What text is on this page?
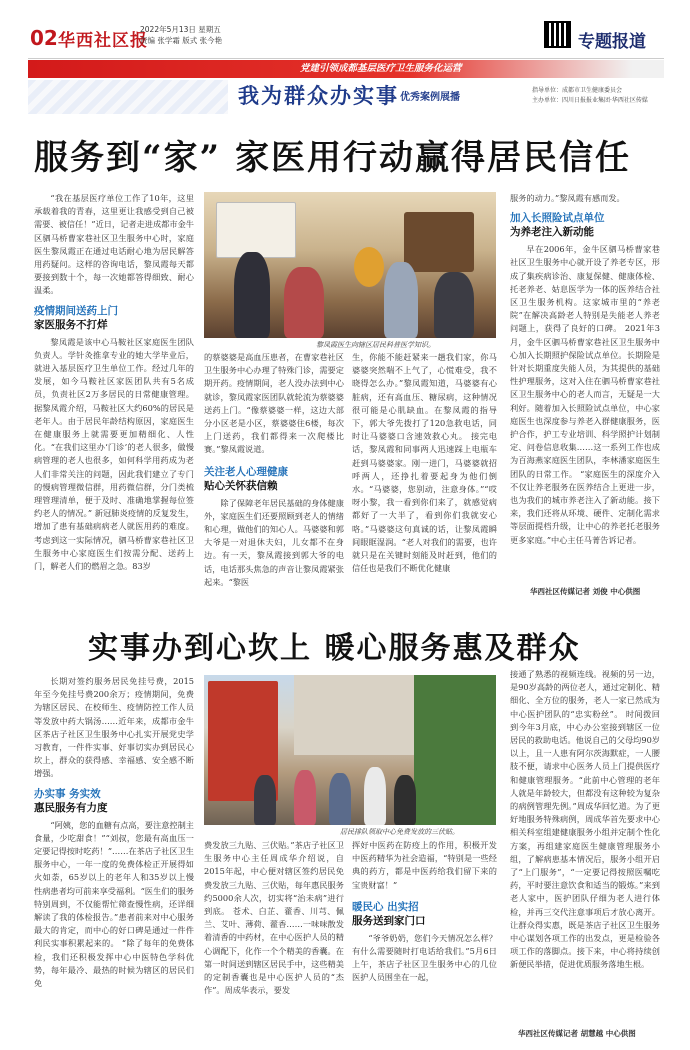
02 华西社区报
2022年5月13日 星期五
责编 张学霜 版式 张今艳	专题报道
党建引领成都基层医疗卫生服务化运营
我为群众办实事 优秀案例展播
指导单位：成都市卫生健康委员会
主办单位：四川日报报业集团·华西社区传媒
服务到“家” 家医用行动赢得居民信任

“我在基层医疗单位工作了10年，这里承载着我的青春，这里更让我感受到自己被需要、被信任！”近日，记者走进成都市金牛区驷马桥曹家巷社区卫生服务中心时，家庭医生黎凤霞正在通过电话耐心地为居民解答用药疑问。这样的咨询电话，黎凤霞每天都要接到数十个，每一次她都答得细致、耐心温柔。

疫情期间送药上门
家医服务不打烊

黎凤霞是该中心马鞍社区家庭医生团队负责人。学针灸推拿专业的她大学毕业后，就进入基层医疗卫生单位工作。经过几年的发展，如今马鞍社区家医团队共有5名成员，负责社区2万多居民的日常健康管理。据黎凤霞介绍，马鞍社区大约60%的居民是老年人。由于居民年龄结构原因，家庭医生在健康服务上就需要更加精细化、人性化。“在我们这里办‘门诊’的老人很多，做慢病管理的老人也很多，如何科学用药成为老人们非常关注的问题，因此我们建立了专门的慢病管理微信群，用药微信群，分门类梳理管理清单，便于及时、准确地掌握每位签约老人的情况。” 新冠肺炎疫情的反复发生，增加了患有基础病病老人就医用药的难度。考虑到这一实际情况，驷马桥曹家巷社区卫生服务中心家庭医生们按需分配、送药上门，解老人们的燃眉之急。83岁

黎凤霞医生向辖区居民科普医学知识。

的蔡婆婆是高血压患者，在曹家巷社区卫生服务中心办理了特殊门诊，需要定期开药。疫情期间，老人没办法到中心就诊，黎凤霞家医团队就轮流为蔡婆婆送药上门。“像蔡婆婆一样，这边大部分小区老是小区，蔡婆婆住6楼，每次上门送药，我们都得来一次爬楼比赛。”黎凤霞说道。

关注老人心理健康
贴心关怀获信赖

除了保障老年居民基础的身体健康外，家庭医生们还要照顾到老人的情绪和心理，做他们的知心人。马婆婆和郭大爷是一对退休夫妇，儿女都不在身边。有一天，黎凤霞接到郭大爷的电话，电话那头焦急的声音让黎凤霞紧张起来。“黎医

生，你能不能赶紧来一趟我们家，你马婆婆突然喘不上气了，心慌难受，我不晓得怎么办。”黎凤霞知道，马婆婆有心脏病，还有高血压、糖尿病，这种情况很可能是心肌缺血。在黎凤霞的指导下，郭大爷先拨打了120急救电话，同时让马婆婆口含速效救心丸。 接完电话，黎凤霞和同事两人迅速踩上电瓶车赶到马婆婆家。刚一进门，马婆婆就招呼两人，还挣扎着要起身为他们倒水。“马婆婆，您别动，注意身体。”“哎呀小黎，我一看到你们来了，就感觉病都好了一大半了，看到你们我就安心咯。”马婆婆这句真诚的话，让黎凤霞瞬间眼眶湿润。“老人对我们的需要，也许就只是在关键时刻能及时赶到，他们的信任也是我们不断优化健康

服务的动力。”黎凤霞有感而发。

加入长照险试点单位
为养老注入新动能

早在2006年，金牛区驷马桥曹家巷社区卫生服务中心就开设了养老专区，形成了集疾病诊治、康复保健、健康体检、托老养老、姑息医学为一体的医养结合社区卫生服务机构。这家城市里的“养老院”在解决高龄老人特别是失能老人养老问题上，获得了良好的口碑。 2021年3月，金牛区驷马桥曹家巷社区卫生服务中心加入长期照护保险试点单位。长期险是针对长期重度失能人员，为其提供的基础性护理服务，这对入住在驷马桥曹家巷社区卫生服务中心的老人而言，无疑是一大利好。随着加入长照险试点单位，中心家庭医生也深度参与养老入群健康服务，医护合作，护工专业培训、科学照护计划制定、问卷信息收集……这一系列工作也成为百海燕家庭医生团队，李林潘家庭医生团队的日常工作。 “家庭医生的深度介入不仅让养老服务在医养结合上更进一步，也为我们的城市养老注入了新动能。接下来，我们还将从环境、硬件、定制化需求等层面提档升级，让中心的养老托老服务更多家庭。”中心主任马菁告诉记者。

华西社区传媒记者 刘俊 中心供图
实事办到心坎上 暖心服务惠及群众

长期对签约服务居民免挂号费，2015年至今免挂号费200余万；疫情期间，免费为辖区居民、在校师生、疫情防控工作人员等发放中药大锅汤……近年来，成都市金牛区茶店子社区卫生服务中心扎实开展党史学习教育，一件件实事、好事切实办到居民心坎上，群众的获得感、幸福感、安全感不断增强。

办实事 务实效
惠民服务有力度

“阿姨，您的血糖有点高，要注意控制主食量，少吃甜食！”“刘叔，您最有高血压一定要记得按时吃药！”……在茶店子社区卫生服务中心，一年一度的免费体检正开展得如火如荼，65岁以上的老年人和35岁以上慢性病患者均可前来享受福利。“医生们的服务特别周到，不仅能帮忙筛查慢性病，还详细解读了我的体检报告。”患者前来对中心服务最大的肯定，而中心的好口碑是通过一件件利民实事积累起来的。 “除了每年的免费体检，我们还积极发挥中心中医特色学科优势，每年最冷、最热的时候为辖区的居民们免

居民排队领取中心免费发放的三伏贴。

费发放三九贴、三伏贴。”茶店子社区卫生服务中心主任周成华介绍说，自2015年起，中心便对辖区签约居民免费发放三九贴、三伏贴，每年惠民服务约5000余人次，切实将“治未病”进行到底。 苍术、白芷、藿香、川芎、佩兰、艾叶、薄荷、藿香……一味味散发着清香的中药材，在中心医护人员的精心调配下，化作一个个精美的香囊。在第一时间送到辖区居民手中，这些精美的定制香囊也是中心医护人员的“杰作”。周成华表示，要发

挥好中医药在防疫上的作用，积极开发中医药精华为社会造福，“特别是一些经典的药方，都是中医药给我们留下来的宝贵财富！”

暖民心 出实招
服务送到家门口

“爷爷奶奶，您们今天情况怎么样？有什么需要随时打电话给我们。”5月6日上午，茶店子社区卫生服务中心的几位医护人员围坐在一起，

接通了熟悉的视频连线。视频的另一边，是90岁高龄的两位老人，通过定制化、精细化、全方位的服务，老人一家已然成为中心医护团队的“忠实粉丝”。 时间拨回到今年3月底，中心办公室接到辖区一位居民的救助电话。他说自己的父母均90岁以上，且一人患有阿尔茨海默症，一人腰肢不便，请求中心医务人员上门提供医疗和健康管理服务。“此前中心管理的老年人就是年龄较大，但都没有这种较为复杂的病例管理先例。”周成华回忆道。为了更好地服务特殊病例，周成华首先要求中心相关科室组建健康服务小组并定制个性化方案，再组建家庭医生健康管理服务小组，了解病患基本情况后，服务小组开启了“上门服务”，“一定要记得按照医嘱吃药，平时要注意饮食和适当的锻炼。”来到老人家中，医护团队仔细为老人进行体检，并再三交代注意事项后才放心离开。 让群众得实惠，既是茶店子社区卫生服务中心谋划各项工作的出发点，更是检验各项工作的落脚点。接下来，中心将持续创新便民举措，促进优质服务落地生根。

华西社区传媒记者 胡慧越 中心供图
